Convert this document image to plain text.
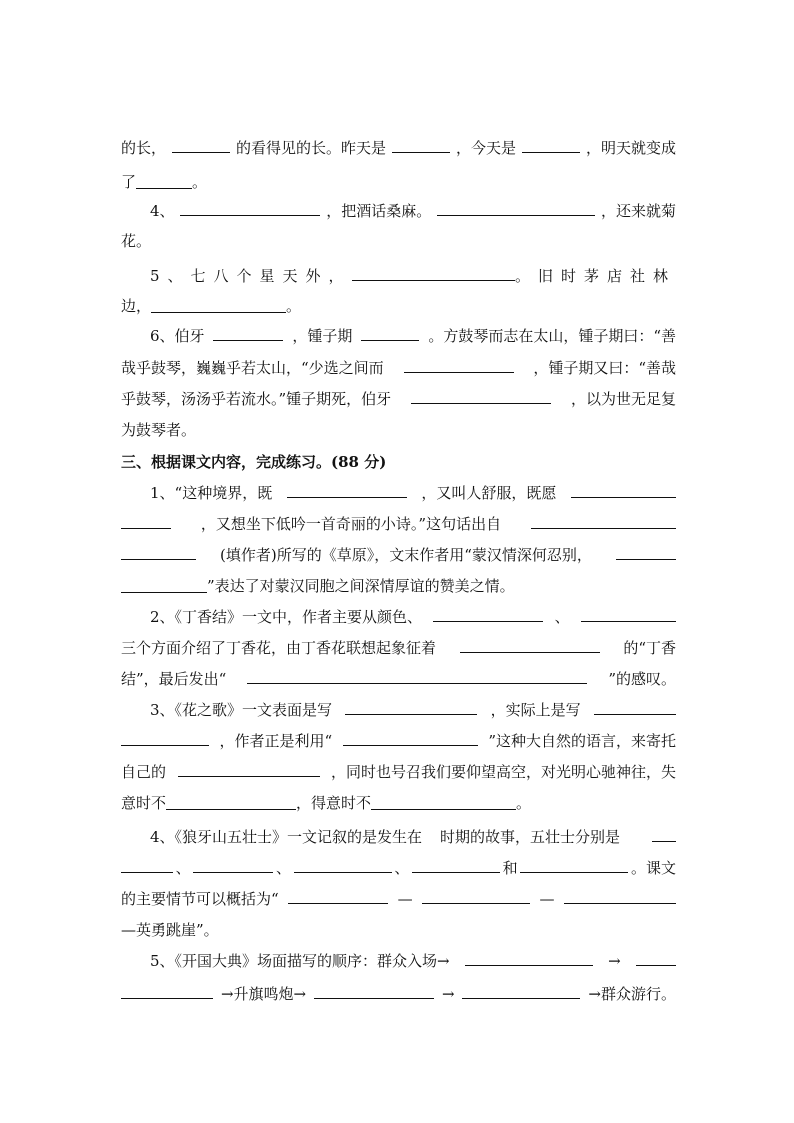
的长，	的看得见的长。昨天是	，今天是	，明天就变成
了	。
4、	，把酒话桑麻。	，还来就菊
花。
5、七八个星天外，	。旧时茅店社林
边，	。
6、伯牙	，锺子期	。方鼓琴而志在太山，锺子期曰：“善
哉乎鼓琴，巍巍乎若太山，“少选之间而	，锺子期又曰：“善哉
乎鼓琴，汤汤乎若流水。”锺子期死，伯牙	，以为世无足复
为鼓琴者。
三、根据课文内容，完成练习。(88 分)
1、“这种境界，既	，又叫人舒服，既愿
，又想坐下低吟一首奇丽的小诗。”这句话出自
(填作者)所写的《草原》，文末作者用“蒙汉情深何忍别，
”表达了对蒙汉同胞之间深情厚谊的赞美之情。
2、《丁香结》一文中，作者主要从颜色、	、
三个方面介绍了丁香花，由丁香花联想起象征着	的“丁香
结”，最后发出“	”的感叹。
3、《花之歌》一文表面是写	，实际上是写
，作者正是利用“	”这种大自然的语言，来寄托
自己的	，同时也号召我们要仰望高空，对光明心驰神往，失
意时不	，得意时不	。
4、《狼牙山五壮士》一文记叙的是发生在 时期的故事，五壮士分别是
、	、	、	和	。课文
的主要情节可以概括为“	—	—
—英勇跳崖”。
5、《开国大典》场面描写的顺序：群众入场→	→
→升旗鸣炮→	→	→群众游行。
